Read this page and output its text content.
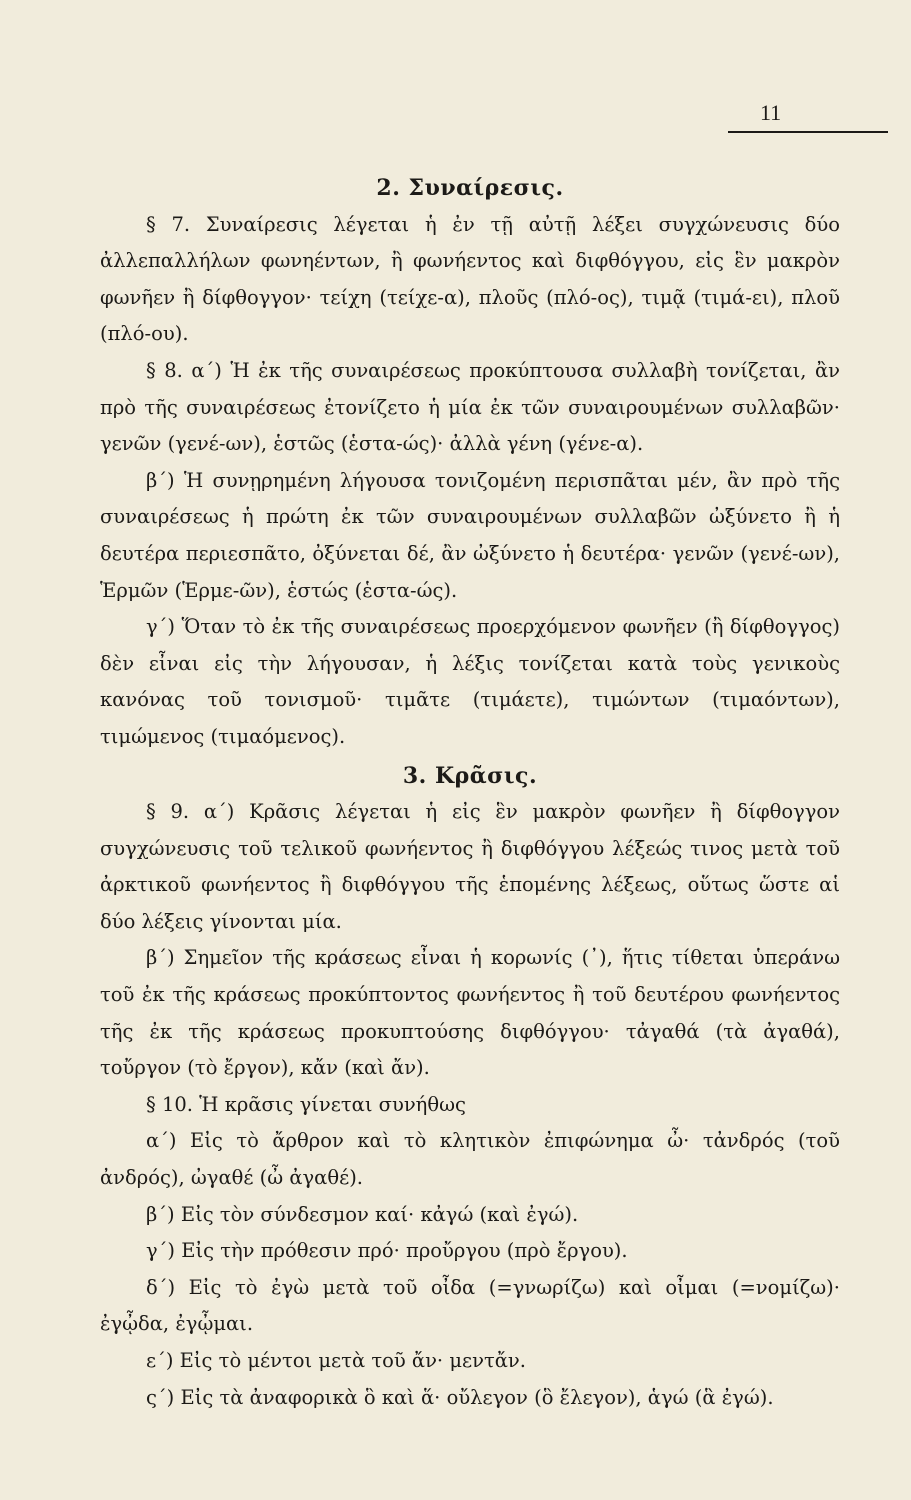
11
2. Συναίρεσις.

§ 7. Συναίρεσις λέγεται ἡ ἐν τῇ αὐτῇ λέξει συγχώνευσις δύο ἀλλεπαλλήλων φωνηέντων, ἢ φωνήεντος καὶ διφθόγγου, εἰς ἓν μακρὸν φωνῆεν ἢ δίφθογγον· τείχη (τείχε-α), πλοῦς (πλό-ος), τιμᾷ (τιμά-ει), πλοῦ (πλό-ου).

§ 8. α΄) Ἡ ἐκ τῆς συναιρέσεως προκύπτουσα συλλαβὴ τονίζεται, ἂν πρὸ τῆς συναιρέσεως ἐτονίζετο ἡ μία ἐκ τῶν συναιρουμένων συλλαβῶν· γενῶν (γενέ-ων), ἑστῶς (ἑστα-ώς)· ἀλλὰ γένη (γένε-α).

β΄) Ἡ συνῃρημένη λήγουσα τονιζομένη περισπᾶται μέν, ἂν πρὸ τῆς συναιρέσεως ἡ πρώτη ἐκ τῶν συναιρουμένων συλλαβῶν ὠξύνετο ἢ ἡ δευτέρα περιεσπᾶτο, ὀξύνεται δέ, ἂν ὠξύνετο ἡ δευτέρα· γενῶν (γενέ-ων), Ἑρμῶν (Ἑρμε-ῶν), ἑστώς (ἑστα-ώς).

γ΄) Ὅταν τὸ ἐκ τῆς συναιρέσεως προερχόμενον φωνῆεν (ἢ δίφθογγος) δὲν εἶναι εἰς τὴν λήγουσαν, ἡ λέξις τονίζεται κατὰ τοὺς γενικοὺς κανόνας τοῦ τονισμοῦ· τιμᾶτε (τιμάετε), τιμώντων (τιμαόντων), τιμώμενος (τιμαόμενος).

3. Κρᾶσις.

§ 9. α΄) Κρᾶσις λέγεται ἡ εἰς ἓν μακρὸν φωνῆεν ἢ δίφθογγον συγχώνευσις τοῦ τελικοῦ φωνήεντος ἢ διφθόγγου λέξεώς τινος μετὰ τοῦ ἀρκτικοῦ φωνήεντος ἢ διφθόγγου τῆς ἑπομένης λέξεως, οὕτως ὥστε αἱ δύο λέξεις γίνονται μία.

β΄) Σημεῖον τῆς κράσεως εἶναι ἡ κορωνίς (᾿), ἥτις τίθεται ὑπεράνω τοῦ ἐκ τῆς κράσεως προκύπτοντος φωνήεντος ἢ τοῦ δευτέρου φωνήεντος τῆς ἐκ τῆς κράσεως προκυπτούσης διφθόγγου· τἀγαθά (τὰ ἀγαθά), τοὔργον (τὸ ἔργον), κἄν (καὶ ἄν).

§ 10. Ἡ κρᾶσις γίνεται συνήθως

α΄) Εἰς τὸ ἄρθρον καὶ τὸ κλητικὸν ἐπιφώνημα ὦ· τἀνδρός (τοῦ ἀνδρός), ὠγαθέ (ὦ ἀγαθέ).

β΄) Εἰς τὸν σύνδεσμον καί· κἀγώ (καὶ ἐγώ).

γ΄) Εἰς τὴν πρόθεσιν πρό· προὔργου (πρὸ ἔργου).

δ΄) Εἰς τὸ ἐγὼ μετὰ τοῦ οἶδα (=γνωρίζω) καὶ οἶμαι (=νομίζω)· ἐγᾦδα, ἐγᾦμαι.

ε΄) Εἰς τὸ μέντοι μετὰ τοῦ ἄν· μεντἄν.

ς΄) Εἰς τὰ ἀναφορικὰ ὃ καὶ ἅ· οὔλεγον (ὃ ἔλεγον), ἁγώ (ἃ ἐγώ).
